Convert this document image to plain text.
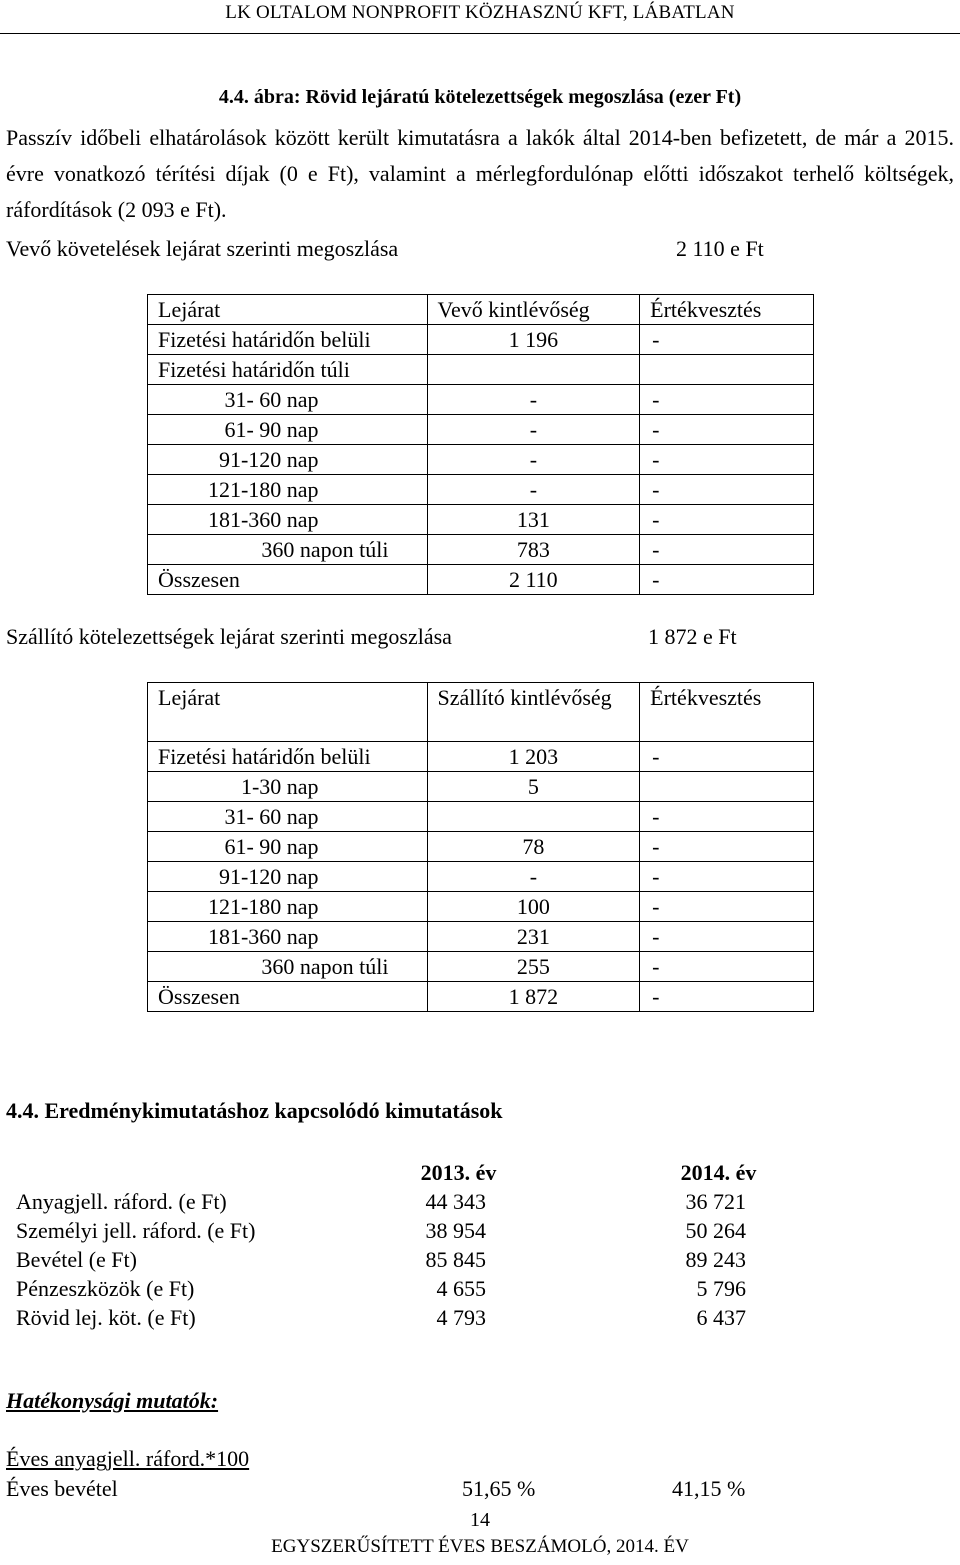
LK OLTALOM NONPROFIT KÖZHASZNÚ KFT, LÁBATLAN
4.4. ábra: Rövid lejáratú kötelezettségek megoszlása (ezer Ft)
Passzív időbeli elhatárolások között került kimutatásra a lakók által 2014-ben befizetett, de már a 2015. évre vonatkozó térítési díjak (0 e Ft), valamint a mérlegfordulónap előtti időszakot terhelő költségek, ráfordítások (2 093 e Ft).
Vevő követelések lejárat szerinti megoszlása	2 110 e Ft
Lejárat	Vevő kintlévőség	Értékvesztés
Fizetési határidőn belüli	1 196	-
Fizetési határidőn túli		
31- 60 nap	-	-
61- 90 nap	-	-
91-120 nap	-	-
121-180 nap	-	-
181-360 nap	131	-
360 napon túli	783	-
Összesen	2 110	-
Szállító kötelezettségek lejárat szerinti megoszlása	1 872 e Ft
Lejárat	Szállító kintlévőség	Értékvesztés
Fizetési határidőn belüli	1 203	-
1-30 nap	5	
31- 60 nap		-
61- 90 nap	78	-
91-120 nap	-	-
121-180 nap	100	-
181-360 nap	231	-
360 napon túli	255	-
Összesen	1 872	-
4.4. Eredménykimutatáshoz kapcsolódó kimutatások
	2013. év		2014. év
Anyagjell. ráford. (e Ft)	44 343		36 721
Személyi jell. ráford. (e Ft)	38 954		50 264
Bevétel (e Ft)	85 845		89 243
Pénzeszközök (e Ft)	4 655		5 796
Rövid lej. köt. (e Ft)	4 793		6 437
Hatékonysági mutatók:
Éves anyagjell. ráford.*100
Éves bevétel	51,65 %	41,15 %
14
EGYSZERŰSÍTETT ÉVES BESZÁMOLÓ, 2014. ÉV
